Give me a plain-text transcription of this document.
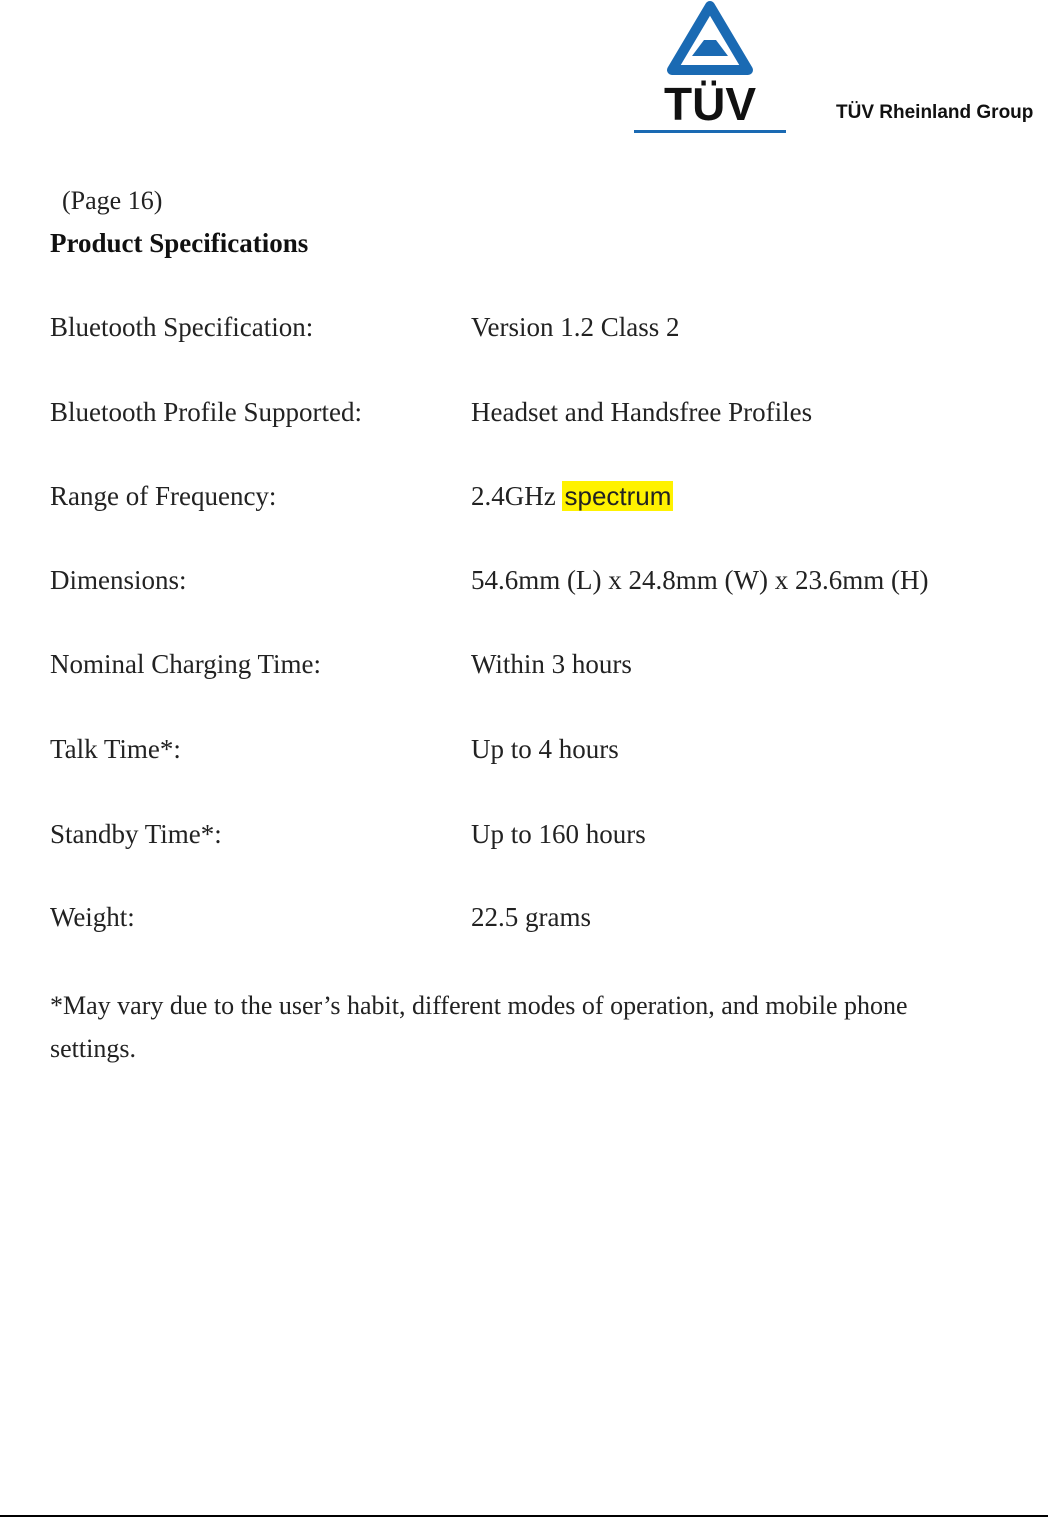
TÜV	TÜV Rheinland Group
(Page 16)
Product Specifications
Bluetooth Specification:	Version 1.2 Class 2
Bluetooth Profile Supported:	Headset and Handsfree Profiles
Range of Frequency:	2.4GHz spectrum
Dimensions:	54.6mm (L) x 24.8mm (W) x 23.6mm (H)
Nominal Charging Time:	Within 3 hours
Talk Time*:	Up to 4 hours
Standby Time*:	Up to 160 hours
Weight:	22.5 grams
*May vary due to the user’s habit, different modes of operation, and mobile phone settings.
